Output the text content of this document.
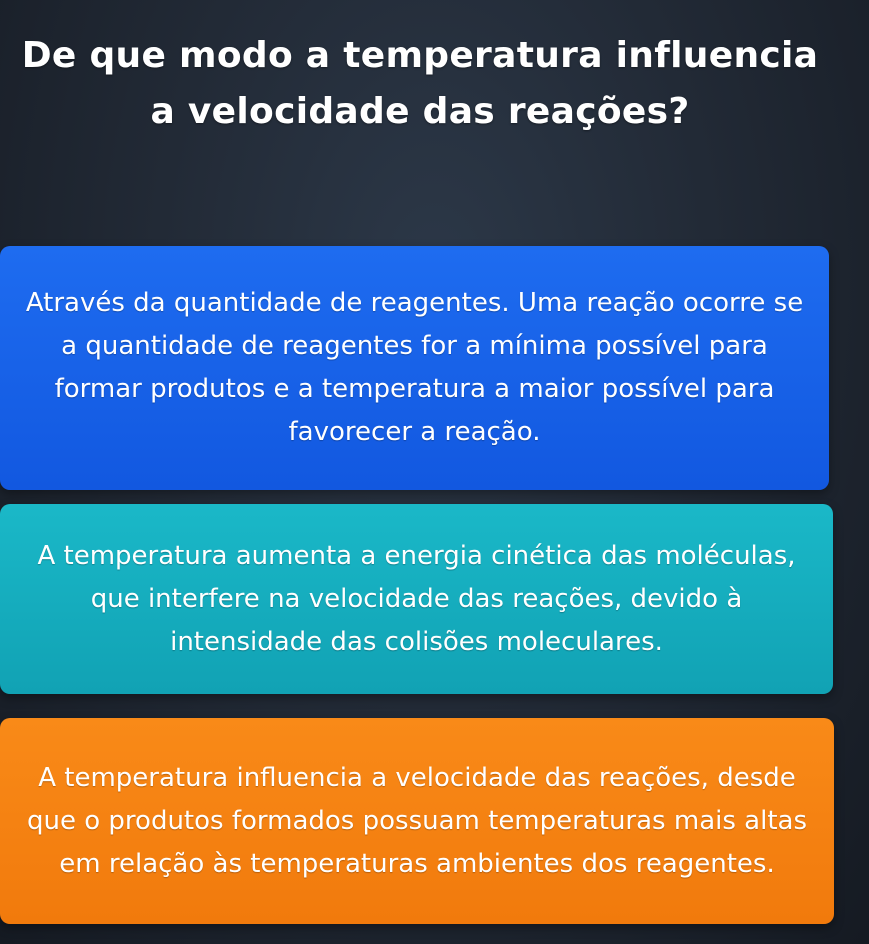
De que modo a temperatura influencia a velocidade das reações?
Através da quantidade de reagentes. Uma reação ocorre se a quantidade de reagentes for a mínima possível para formar produtos e a temperatura a maior possível para favorecer a reação.
A temperatura aumenta a energia cinética das moléculas, que interfere na velocidade das reações, devido à intensidade das colisões moleculares.
A temperatura influencia a velocidade das reações, desde que o produtos formados possuam temperaturas mais altas em relação às temperaturas ambientes dos reagentes.
